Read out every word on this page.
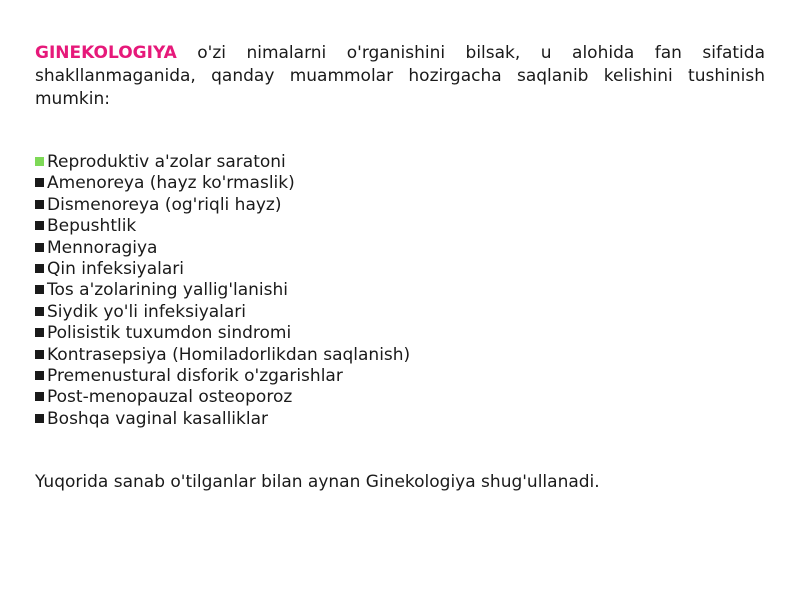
GINEKOLOGIYA o'zi nimalarni o'rganishini bilsak, u alohida fan sifatida shakllanmaganida, qanday muammolar hozirgacha saqlanib kelishini tushinish mumkin:

Reproduktiv a'zolar saratoni
Amenoreya (hayz ko'rmaslik)
Dismenoreya (og'riqli hayz)
Bepushtlik
Mennoragiya
Qin infeksiyalari
Tos a'zolarining yallig'lanishi
Siydik yo'li infeksiyalari
Polisistik tuxumdon sindromi
Kontrasepsiya (Homiladorlikdan saqlanish)
Premenustural disforik o'zgarishlar
Post-menopauzal osteoporoz
Boshqa vaginal kasalliklar

Yuqorida sanab o'tilganlar bilan aynan Ginekologiya shug'ullanadi.
